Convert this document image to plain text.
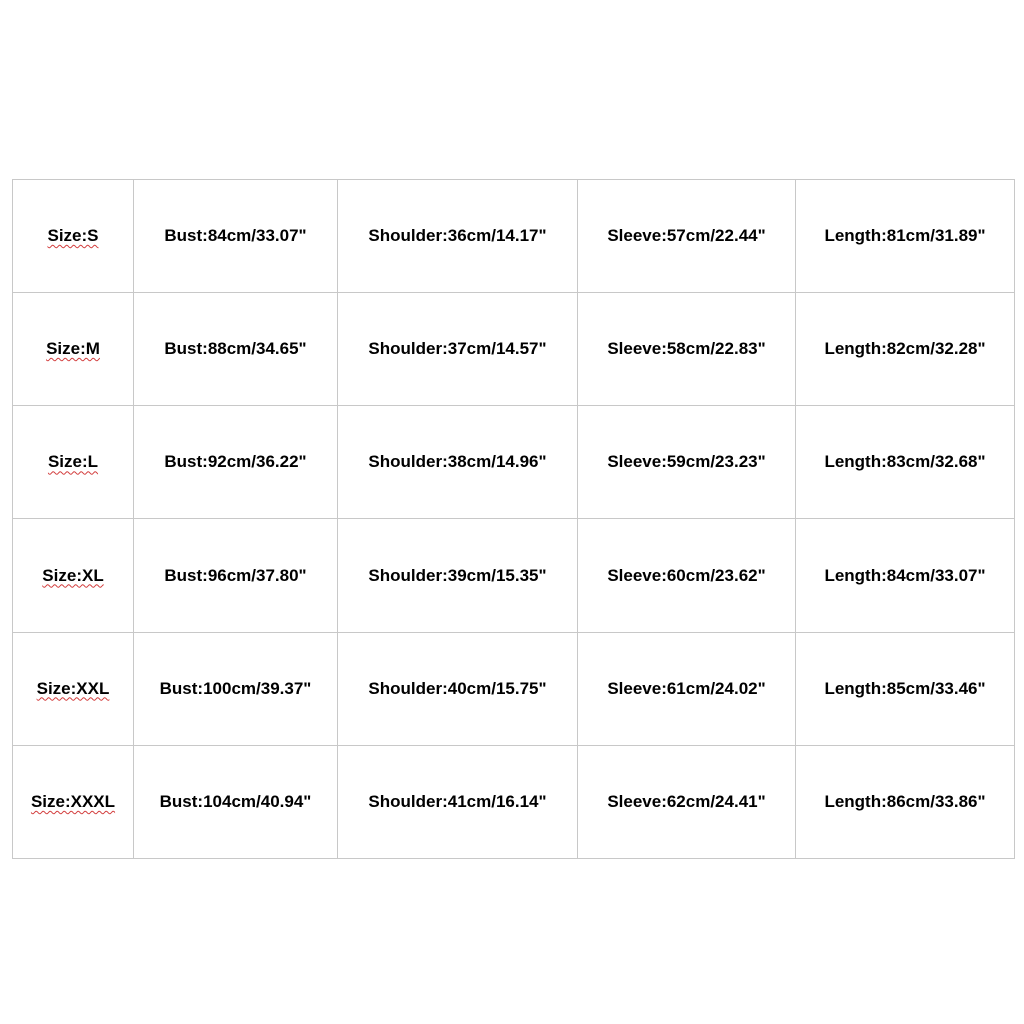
Size:S	Bust:84cm/33.07"	Shoulder:36cm/14.17"	Sleeve:57cm/22.44"	Length:81cm/31.89"
Size:M	Bust:88cm/34.65"	Shoulder:37cm/14.57"	Sleeve:58cm/22.83"	Length:82cm/32.28"
Size:L	Bust:92cm/36.22"	Shoulder:38cm/14.96"	Sleeve:59cm/23.23"	Length:83cm/32.68"
Size:XL	Bust:96cm/37.80"	Shoulder:39cm/15.35"	Sleeve:60cm/23.62"	Length:84cm/33.07"
Size:XXL	Bust:100cm/39.37"	Shoulder:40cm/15.75"	Sleeve:61cm/24.02"	Length:85cm/33.46"
Size:XXXL	Bust:104cm/40.94"	Shoulder:41cm/16.14"	Sleeve:62cm/24.41"	Length:86cm/33.86"
